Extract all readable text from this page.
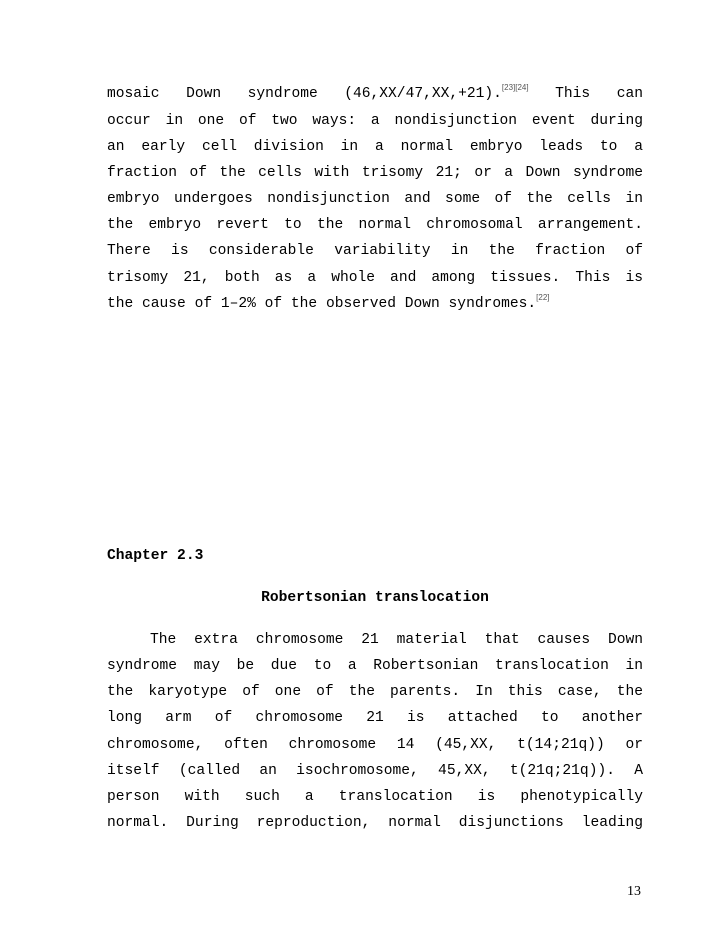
mosaic Down syndrome (46,XX/47,XX,+21).[23][24] This can
occur in one of two ways: a nondisjunction event during
an early cell division in a normal embryo leads to a
fraction of the cells with trisomy 21; or a Down syndrome
embryo undergoes nondisjunction and some of the cells in
the embryo revert to the normal chromosomal arrangement.
There is considerable variability in the fraction of
trisomy 21, both as a whole and among tissues. This is
the cause of 1–2% of the observed Down syndromes.[22]
Chapter 2.3
Robertsonian translocation
The extra chromosome 21 material that causes Down
syndrome may be due to a Robertsonian translocation in
the karyotype of one of the parents. In this case, the
long arm of chromosome 21 is attached to another
chromosome, often chromosome 14 (45,XX, t(14;21q)) or
itself (called an isochromosome, 45,XX, t(21q;21q)). A
person with such a translocation is phenotypically
normal. During reproduction, normal disjunctions leading
13
